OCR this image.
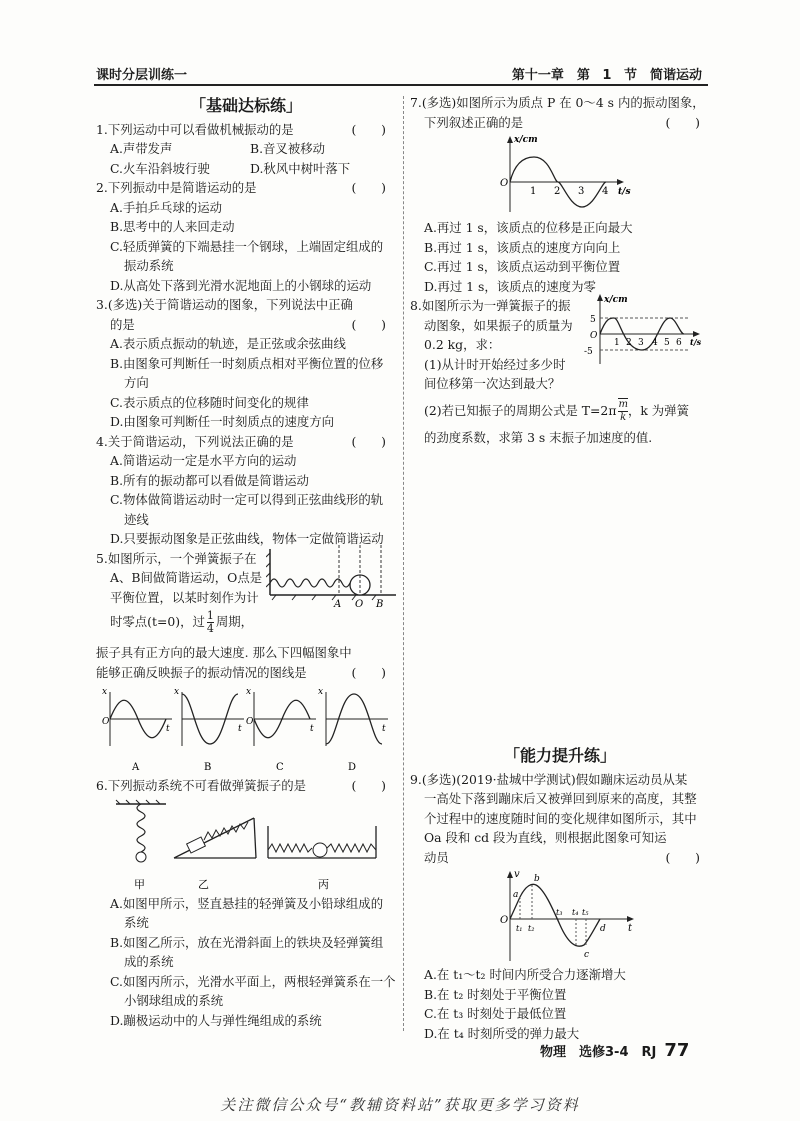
课时分层训练一	第十一章　第 1 节　简谐运动
「基础达标练」
1.下列运动中可以看做机械振动的是	(　　)
A.声带发声	B.音叉被移动
C.火车沿斜坡行驶	D.秋风中树叶落下
2.下列振动中是简谐运动的是	(　　)
A.手拍乒乓球的运动
B.思考中的人来回走动
C.轻质弹簧的下端悬挂一个钢球，上端固定组成的
振动系统
D.从高处下落到光滑水泥地面上的小钢球的运动
3.(多选)关于简谐运动的图象，下列说法中正确
的是	(　　)
A.表示质点振动的轨迹，是正弦或余弦曲线
B.由图象可判断任一时刻质点相对平衡位置的位移
方向
C.表示质点的位移随时间变化的规律
D.由图象可判断任一时刻质点的速度方向
4.关于简谐运动，下列说法正确的是	(　　)
A.简谐运动一定是水平方向的运动
B.所有的振动都可以看做是简谐运动
C.物体做简谐运动时一定可以得到正弦曲线形的轨
迹线
D.只要振动图象是正弦曲线，物体一定做简谐运动
5.如图所示，一个弹簧振子在
A、B间做简谐运动，O点是
平衡位置，以某时刻作为计
时零点(t=0)，过 $\frac{1}{4}$ 周期，
A O B
振子具有正方向的最大速度. 那么下四幅图象中
能够正确反映振子的振动情况的图线是	(　　)
x
O
t
A
x
t
B
x
O
t
C
x
t
D
6.下列振动系统不可看做弹簧振子的是	(　　)
甲	乙	丙
A.如图甲所示，竖直悬挂的轻弹簧及小铅球组成的
系统
B.如图乙所示，放在光滑斜面上的铁块及轻弹簧组
成的系统
C.如图丙所示，光滑水平面上，两根轻弹簧系在一个
小钢球组成的系统
D.蹦极运动中的人与弹性绳组成的系统
7.(多选)如图所示为质点 P 在 0～4 s 内的振动图象，
下列叙述正确的是	(　　)
x/cm
O
1 2 3 4 t/s
A.再过 1 s，该质点的位移是正向最大
B.再过 1 s，该质点的速度方向向上
C.再过 1 s，该质点运动到平衡位置
D.再过 1 s，该质点的速度为零
8.如图所示为一弹簧振子的振
动图象，如果振子的质量为
0.2 kg，求：
(1)从计时开始经过多少时
间位移第一次达到最大？
x/cm
5
-5
O
1 2 3 4 5 6 t/s
(2)若已知振子的周期公式是 $T=2\pi \frac{m}{k}$ ，k 为弹簧
的劲度系数，求第 3 s 末振子加速度的值.
「能力提升练」
9.(多选)(2019·盐城中学测试)假如蹦床运动员从某
一高处下落到蹦床后又被弹回到原来的高度，其整
个过程中的速度随时间的变化规律如图所示，其中
Oa 段和 cd 段为直线，则根据此图象可知运动员	(　　)
v
O
a
b
c
d
t₁ t₂
t₃ t₄ t₅
t
A.在 t₁～t₂ 时间内所受合力逐渐增大
B.在 t₂ 时刻处于平衡位置
C.在 t₃ 时刻处于最低位置
D.在 t₄ 时刻所受的弹力最大
物理　选修3-4　RJ 77
关注微信公众号“教辅资料站”获取更多学习资料
